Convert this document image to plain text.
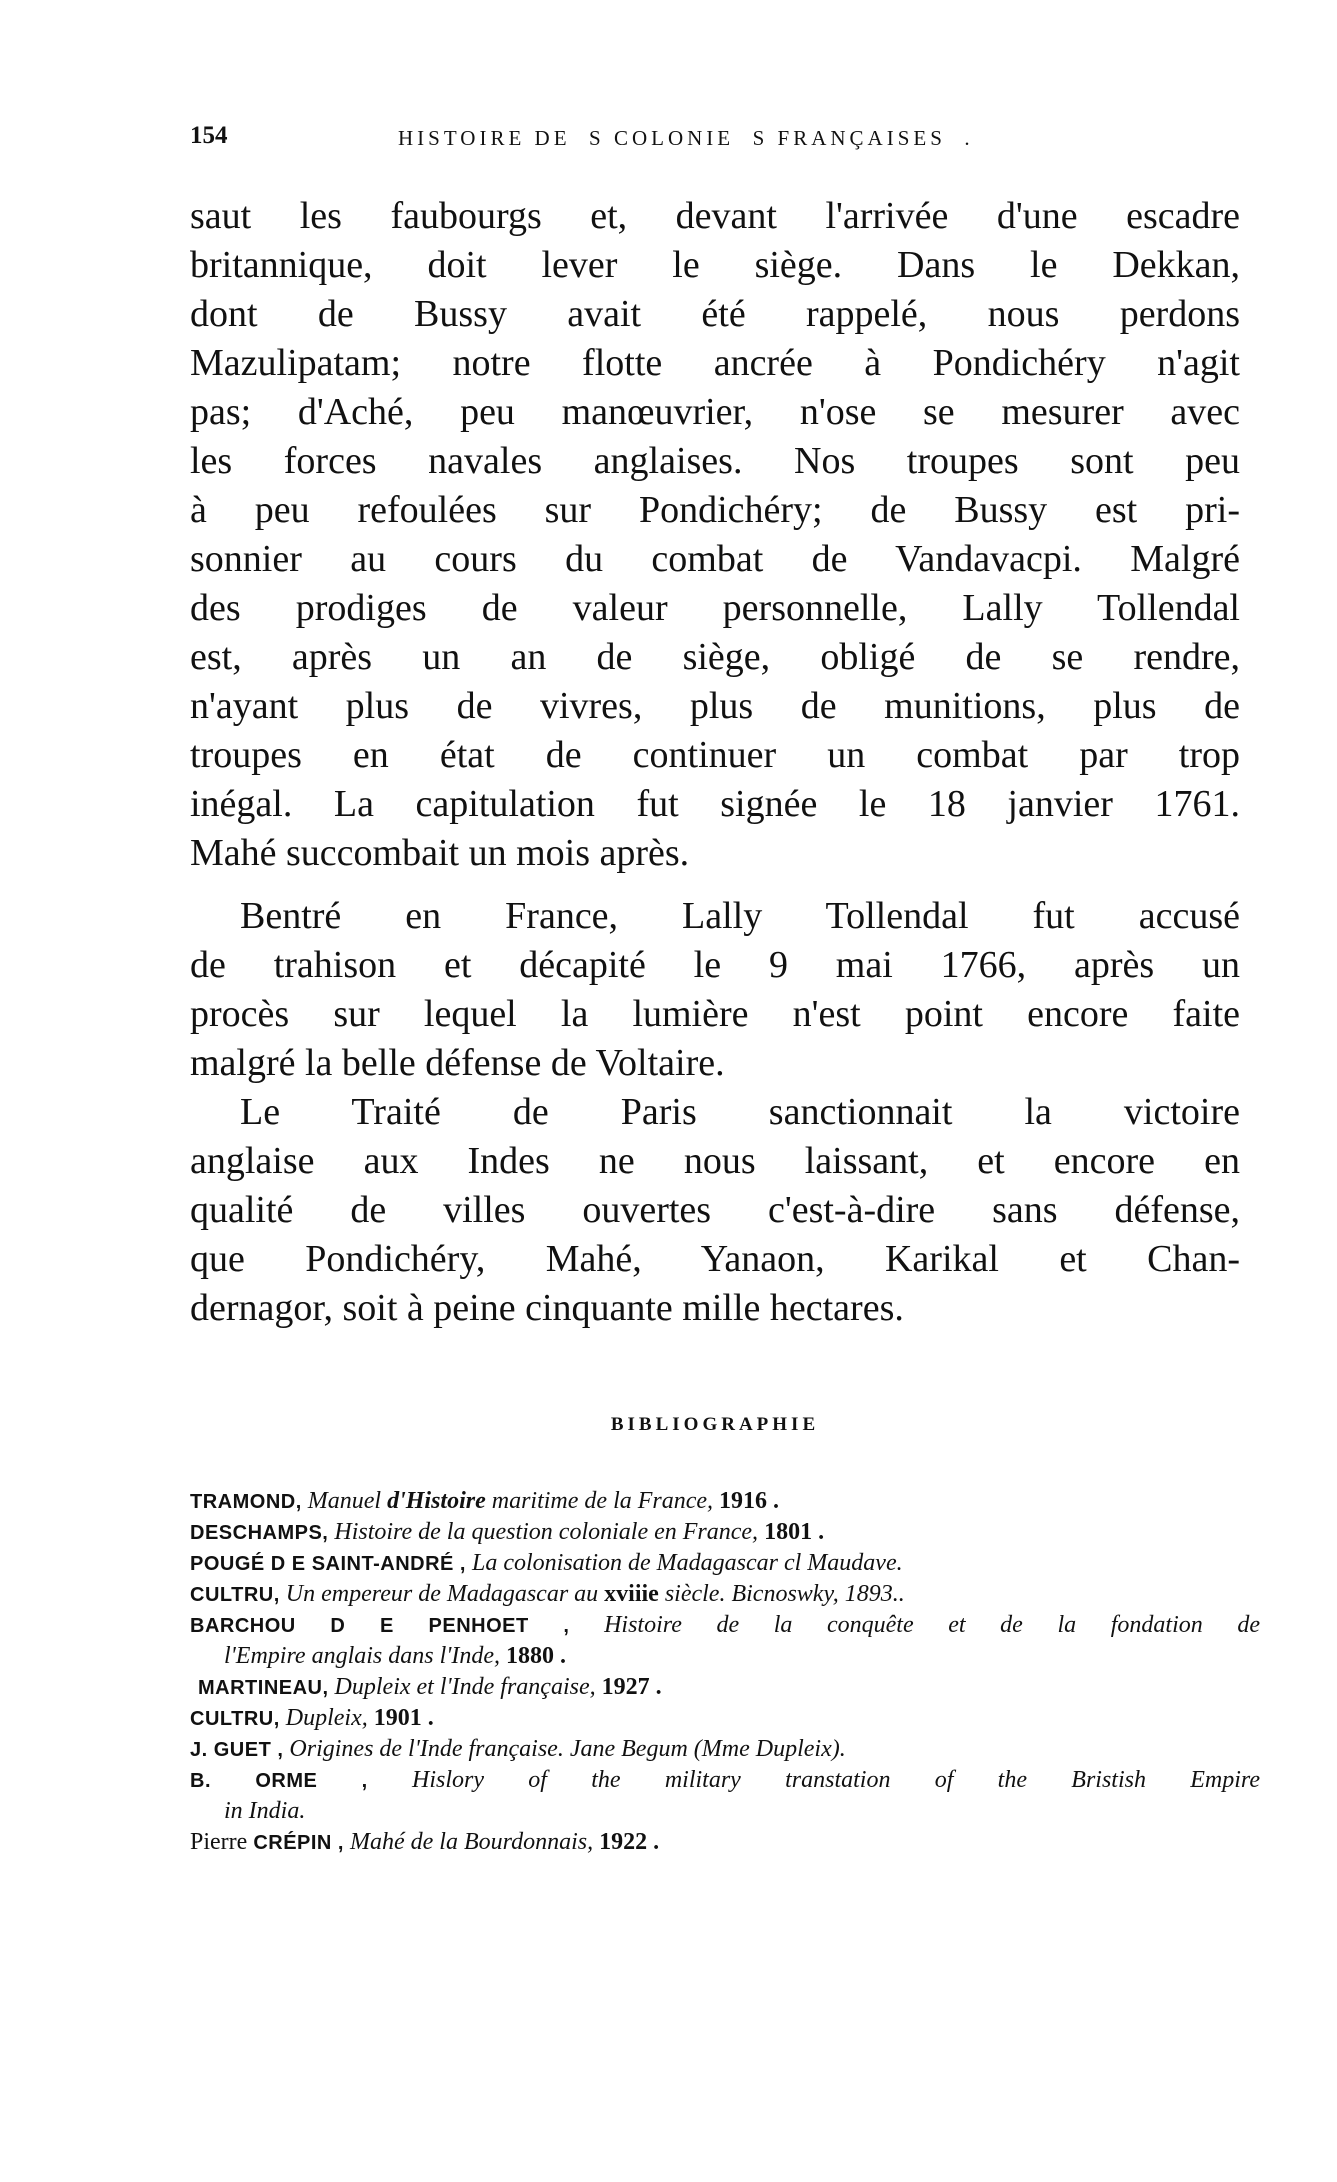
154	HISTOIRE DE  S COLONIE  S FRANÇAISES  .
saut les faubourgs et, devant l'arrivée d'une escadre
britannique, doit lever le siège. Dans le Dekkan,
dont de Bussy avait été rappelé, nous perdons
Mazulipatam; notre flotte ancrée à Pondichéry n'agit
pas; d'Aché, peu manœuvrier, n'ose se mesurer avec
les forces navales anglaises. Nos troupes sont peu
à peu refoulées sur Pondichéry; de Bussy est pri-
sonnier au cours du combat de Vandavacpi. Malgré
des prodiges de valeur personnelle, Lally Tollendal
est, après un an de siège, obligé de se rendre,
n'ayant plus de vivres, plus de munitions, plus de
troupes en état de continuer un combat par trop
inégal. La capitulation fut signée le 18 janvier 1761.
Mahé succombait un mois après.
Bentré en France, Lally Tollendal fut accusé
de trahison et décapité le 9 mai 1766, après un
procès sur lequel la lumière n'est point encore faite
malgré la belle défense de Voltaire.
Le Traité de Paris sanctionnait la victoire
anglaise aux Indes ne nous laissant, et encore en
qualité de villes ouvertes c'est-à-dire sans défense,
que Pondichéry, Mahé, Yanaon, Karikal et Chan-
dernagor, soit à peine cinquante mille hectares.
BIBLIOGRAPHIE
TRAMOND, Manuel d'Histoire maritime de la France, 1916 .
DESCHAMPS, Histoire de la question coloniale en France, 1801 .
POUGÉ D E SAINT-ANDRÉ , La colonisation de Madagascar cl Maudave.
CULTRU, Un empereur de Madagascar au xviiie siècle. Bicnoswky, 1893..
BARCHOU D E PENHOET , Histoire de la conquête et de la fondation de
l'Empire anglais dans l'Inde, 1880 .
MARTINEAU, Dupleix et l'Inde française, 1927 .
CULTRU, Dupleix, 1901 .
J. GUET , Origines de l'Inde française. Jane Begum (Mme Dupleix).
B. ORME , Hislory of the military transtation of the Bristish Empire
in India.
Pierre CRÉPIN , Mahé de la Bourdonnais, 1922 .
